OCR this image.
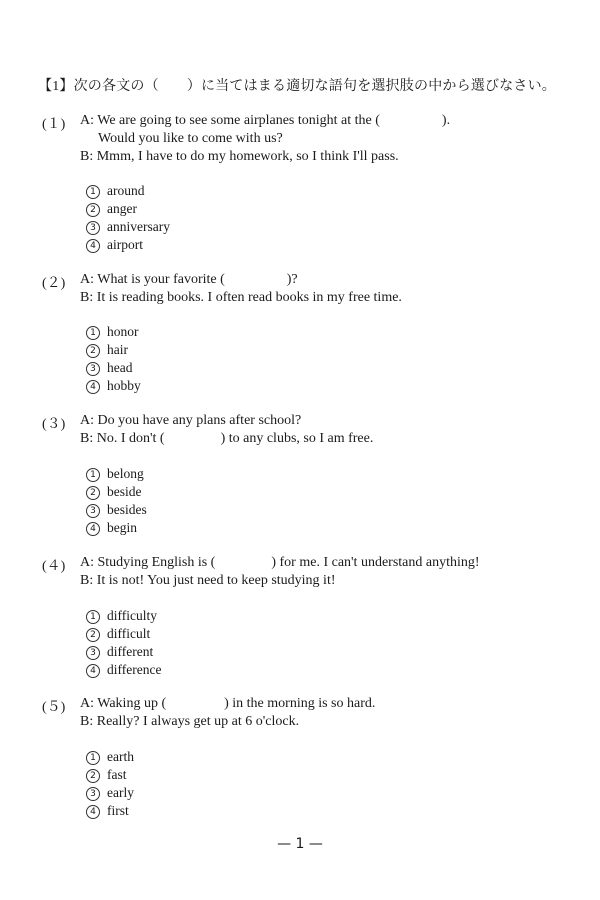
【1】次の各文の（ ）に当てはまる適切な語句を選択肢の中から選びなさい。
(１) A: We are going to see some airplanes tonight at the (	).
Would you like to come with us?
B: Mmm, I have to do my homework, so I think I'll pass.
1 around
2 anger
3 anniversary
4 airport
(２) A: What is your favorite (	)?
B: It is reading books. I often read books in my free time.
1 honor
2 hair
3 head
4 hobby
(３) A: Do you have any plans after school?
B: No. I don't (	) to any clubs, so I am free.
1 belong
2 beside
3 besides
4 begin
(４) A: Studying English is (	) for me. I can't understand anything!
B: It is not! You just need to keep studying it!
1 difficulty
2 difficult
3 different
4 difference
(５) A: Waking up (	) in the morning is so hard.
B: Really? I always get up at 6 o'clock.
1 earth
2 fast
3 early
4 first
— 1 —
